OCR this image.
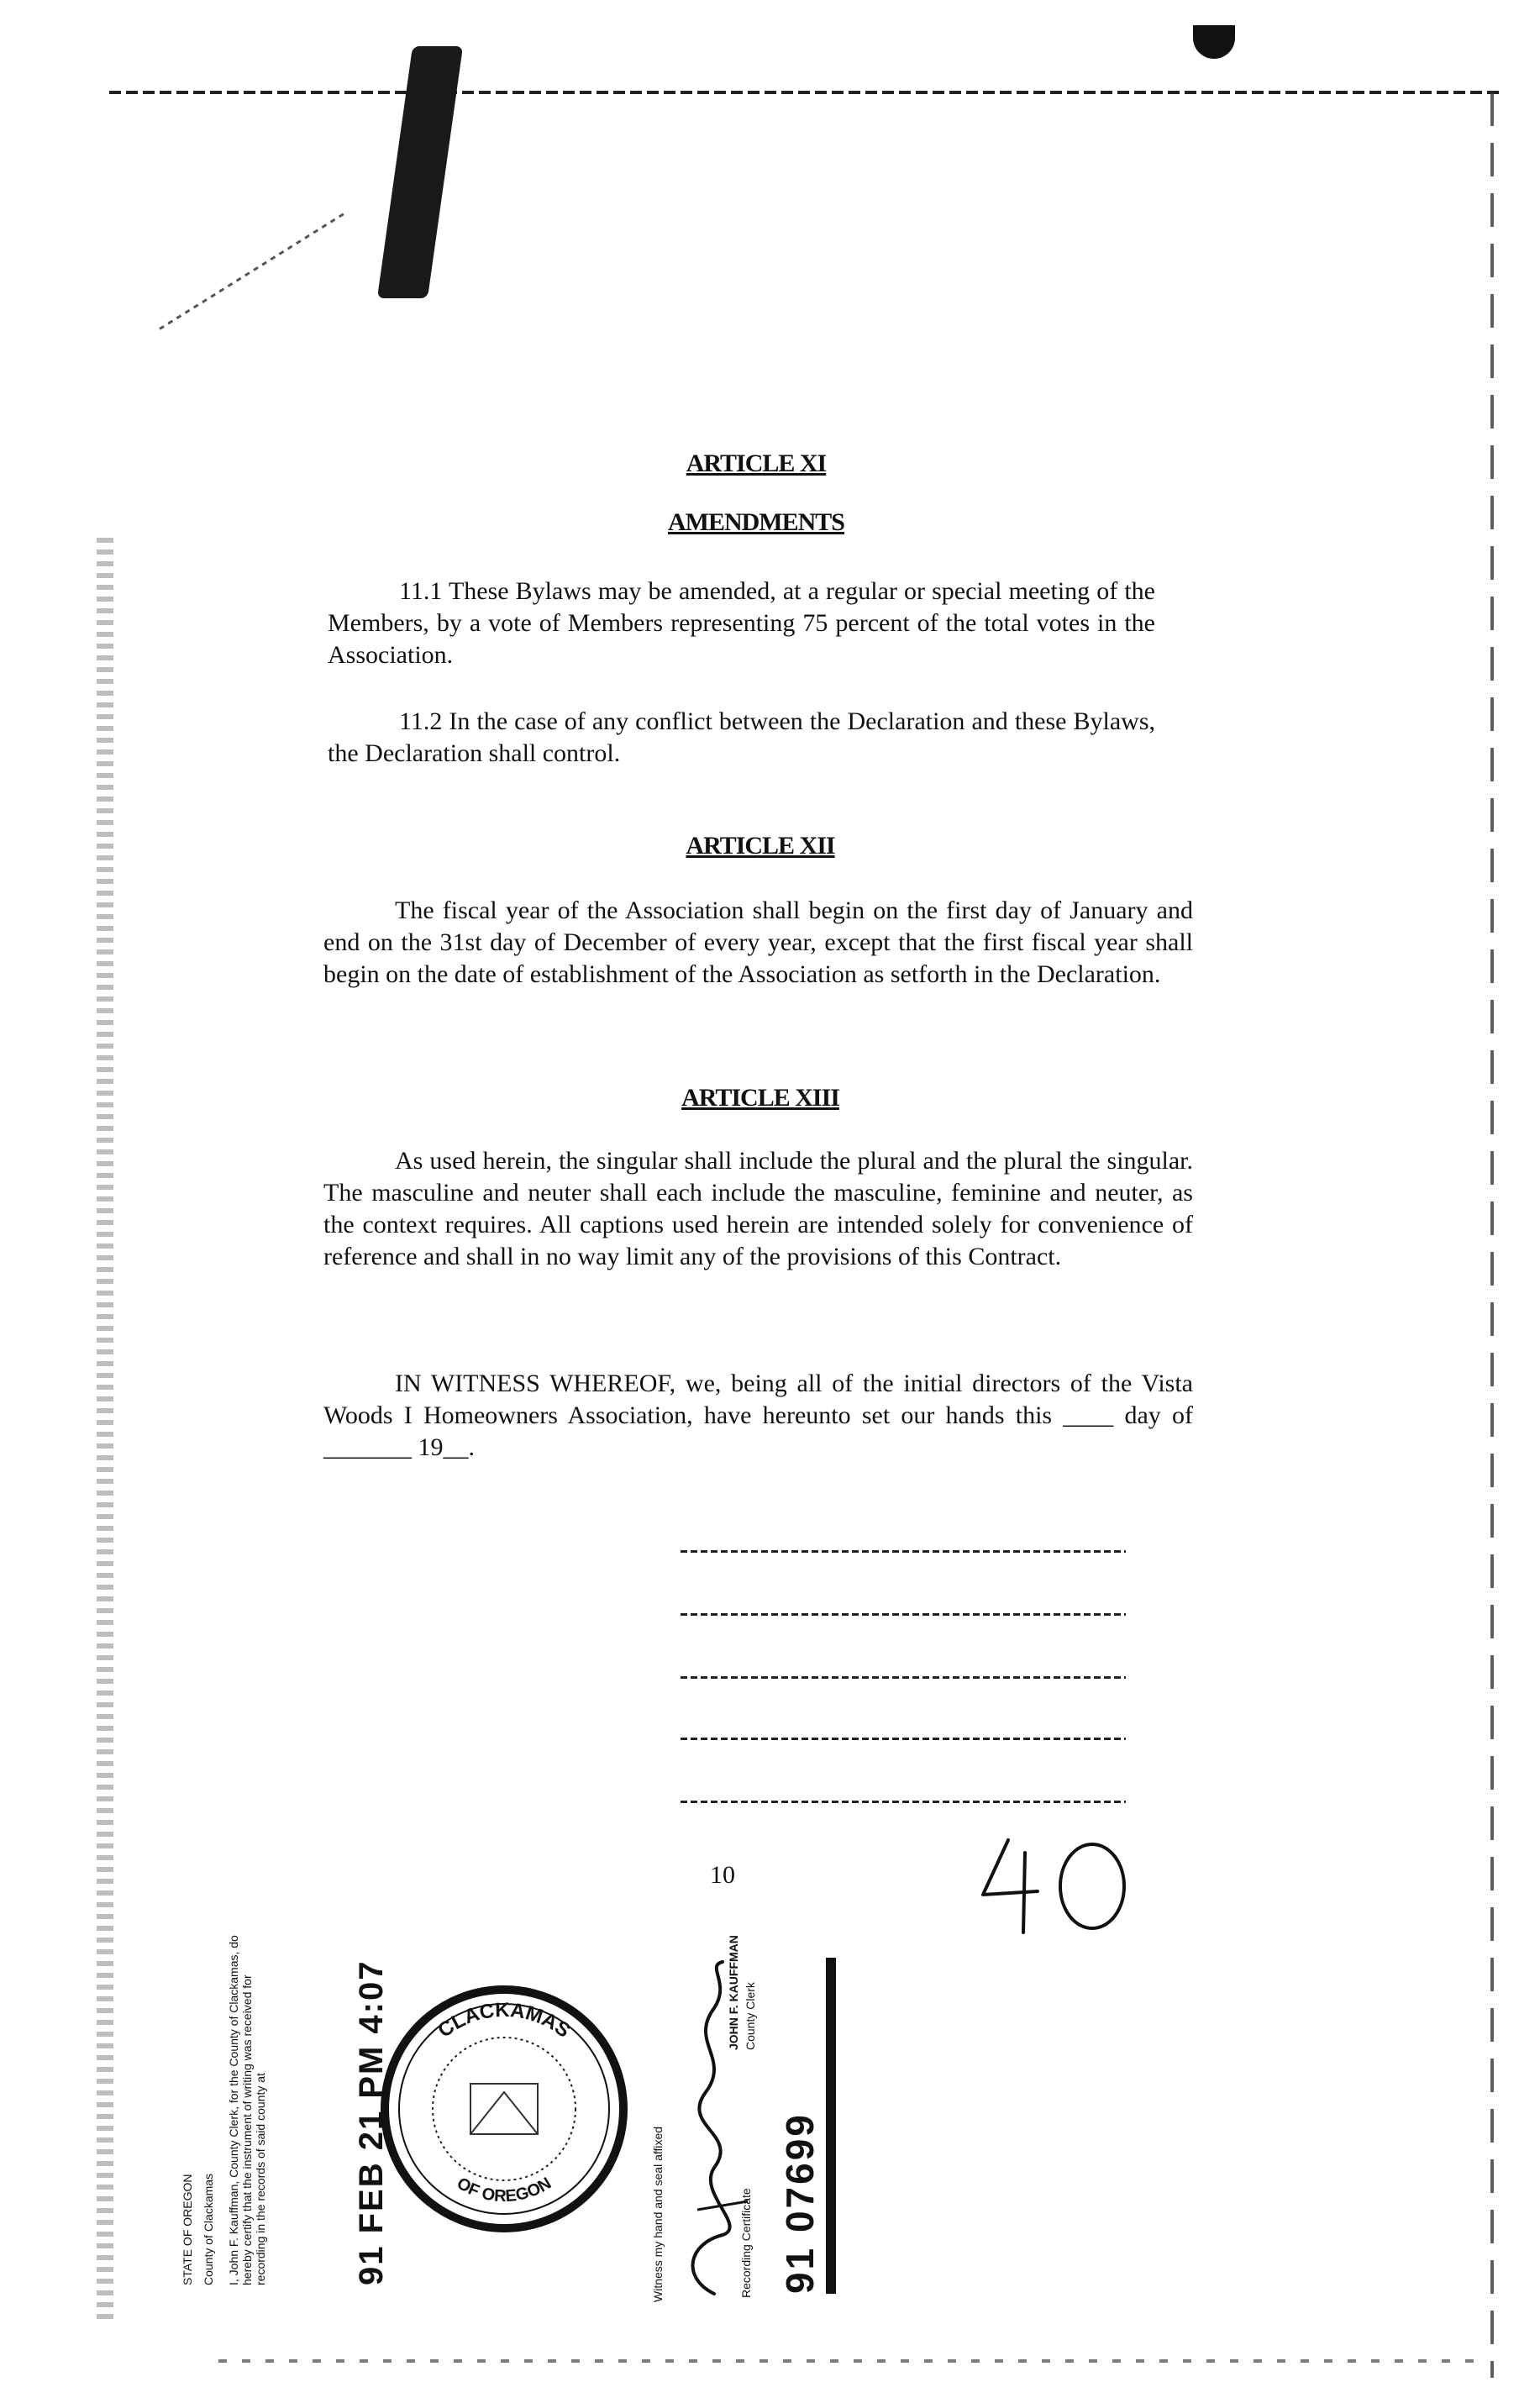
ARTICLE XI
AMENDMENTS
11.1 These Bylaws may be amended, at a regular or special meeting of the Members, by a vote of Members representing 75 percent of the total votes in the Association.
11.2 In the case of any conflict between the Declaration and these Bylaws, the Declaration shall control.
ARTICLE XII
The fiscal year of the Association shall begin on the first day of January and end on the 31st day of December of every year, except that the first fiscal year shall begin on the date of establishment of the Association as setforth in the Declaration.
ARTICLE XIII
As used herein, the singular shall include the plural and the plural the singular. The masculine and neuter shall each include the masculine, feminine and neuter, as the context requires. All captions used herein are intended solely for convenience of reference and shall in no way limit any of the provisions of this Contract.
IN WITNESS WHEREOF, we, being all of the initial directors of the Vista Woods I Homeowners Association, have hereunto set our hands this ____ day of _______ 19__.
10
STATE OF OREGON County of Clackamas I, John F. Kauffman, County Clerk, for the County of Clackamas, do hereby certify that the instrument of writing was received for recording in the records of said county at	91 FEB 21 PM 4:07 CLACKAMAS
OF OREGON	Witness my hand and seal affixed
JOHN F. KAUFFMAN County Clerk
Recording Certificate 91 07699
